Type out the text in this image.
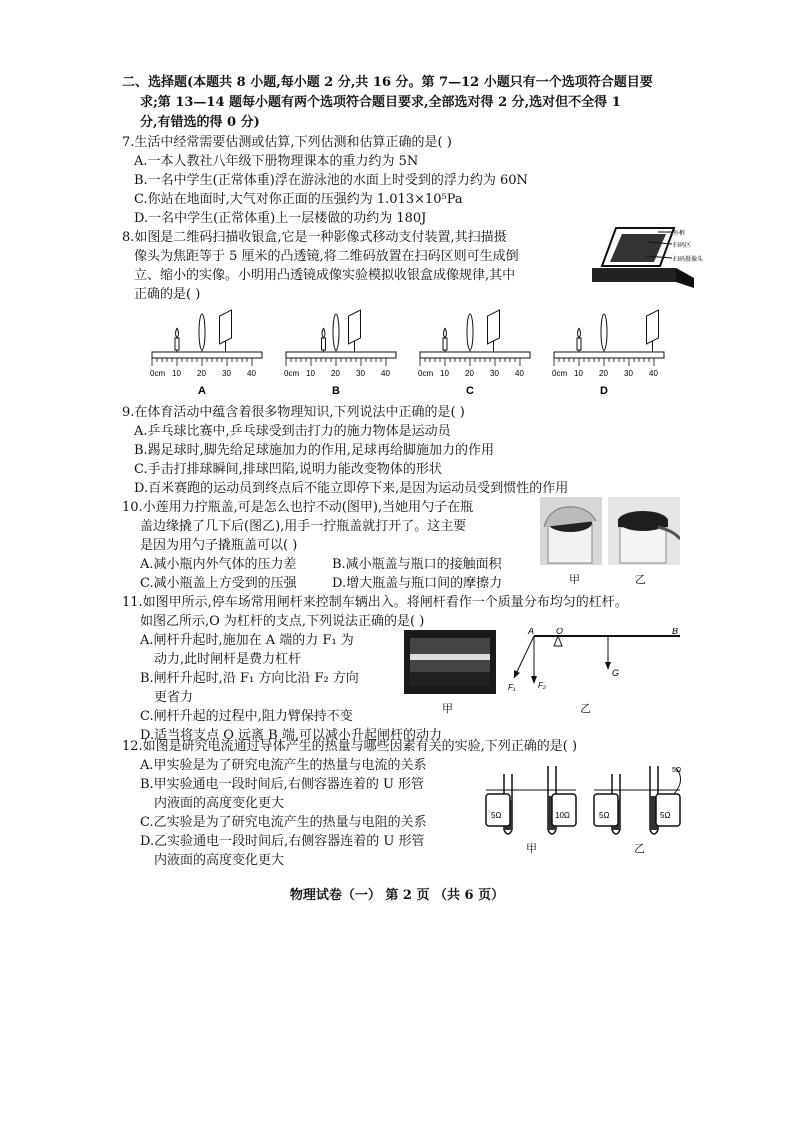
二、选择题(本题共 8 小题,每小题 2 分,共 16 分。第 7—12 小题只有一个选项符合题目要
求;第 13—14 题每小题有两个选项符合题目要求,全部选对得 2 分,选对但不全得 1
分,有错选的得 0 分)
7.生活中经常需要估测或估算,下列估测和估算正确的是( )
A.一本人教社八年级下册物理课本的重力约为 5N
B.一名中学生(正常体重)浮在游泳池的水面上时受到的浮力约为 60N
C.你站在地面时,大气对你正面的压强约为 1.013×10⁵Pa
D.一名中学生(正常体重)上一层楼做的功约为 180J
8.如图是二维码扫描收银盒,它是一种影像式移动支付装置,其扫描摄
像头为焦距等于 5 厘米的凸透镜,将二维码放置在扫码区则可生成倒
立、缩小的实像。小明用凸透镜成像实验模拟收银盒成像规律,其中
正确的是( )
外框
扫码区
扫码摄像头
0cm 10 20 30 40
A
0cm 10 20 30 40
B
0cm 10 20 30 40
C
0cm 10 20 30 40
D
9.在体育活动中蕴含着很多物理知识,下列说法中正确的是( )
A.乒乓球比赛中,乒乓球受到击打力的施力物体是运动员
B.踢足球时,脚先给足球施加力的作用,足球再给脚施加力的作用
C.手击打排球瞬间,排球凹陷,说明力能改变物体的形状
D.百米赛跑的运动员到终点后不能立即停下来,是因为运动员受到惯性的作用
10.小莲用力拧瓶盖,可是怎么也拧不动(图甲),当她用勺子在瓶
盖边缘撬了几下后(图乙),用手一拧瓶盖就打开了。这主要
是因为用勺子撬瓶盖可以( )
A.减小瓶内外气体的压力差	B.减小瓶盖与瓶口的接触面积
C.减小瓶盖上方受到的压强	D.增大瓶盖与瓶口间的摩擦力	甲	乙
11.如图甲所示,停车场常用闸杆来控制车辆出入。将闸杆看作一个质量分布均匀的杠杆。
如图乙所示,O 为杠杆的支点,下列说法正确的是( )
A.闸杆升起时,施加在 A 端的力 F₁ 为
动力,此时闸杆是费力杠杆
B.闸杆升起时,沿 F₁ 方向比沿 F₂ 方向
更省力
C.闸杆升起的过程中,阻力臂保持不变
D.适当将支点 O 远离 B 端,可以减小升起闸杆的动力
甲
A O	B
G
F₁	F₂
乙
12.如图是研究电流通过导体产生的热量与哪些因素有关的实验,下列正确的是( )
A.甲实验是为了研究电流产生的热量与电流的关系
B.甲实验通电一段时间后,右侧容器连着的 U 形管
内液面的高度变化更大
C.乙实验是为了研究电流产生的热量与电阻的关系
D.乙实验通电一段时间后,右侧容器连着的 U 形管
内液面的高度变化更大
5Ω	10Ω
甲
5Ω	5Ω
5Ω
乙
物理试卷（一） 第 2 页 （共 6 页）
